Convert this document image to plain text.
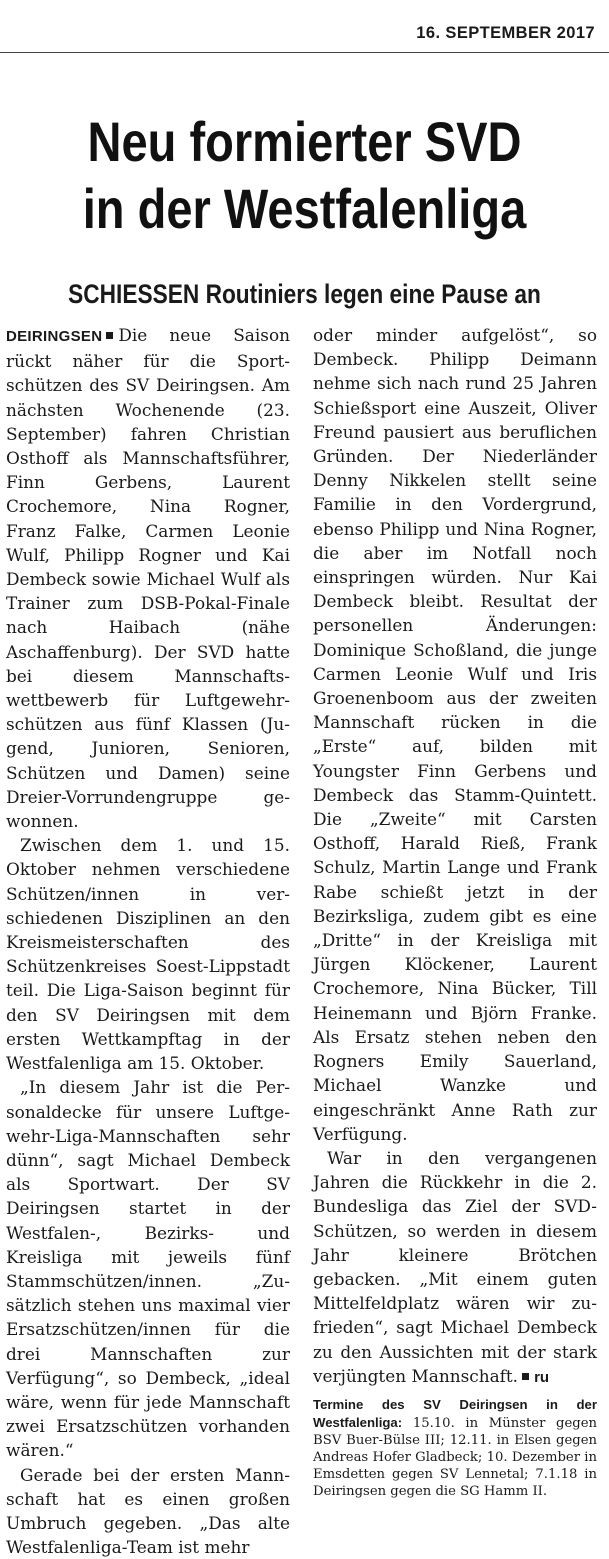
16. SEPTEMBER 2017
Neu formierter SVD
in der Westfalenliga
SCHIESSEN Routiniers legen eine Pause an

DEIRINGSEN Die neue Saison rückt näher für die Sportschützen des SV Deiringsen. Am nächsten Wochenende (23. September) fahren Christian Osthoff als Mannschaftsführer, Finn Gerbens, Laurent Crochemore, Nina Rogner, Franz Falke, Carmen Leonie Wulf, Philipp Rogner und Kai Dembeck sowie Michael Wulf als Trainer zum DSB-Pokal-Finale nach Haibach (nähe Aschaffenburg). Der SVD hatte bei diesem Mannschaftswettbewerb für Luftgewehrschützen aus fünf Klassen (Jugend, Junioren, Senioren, Schützen und Damen) seine Dreier-Vorrundengruppe gewonnen.

Zwischen dem 1. und 15. Oktober nehmen verschiedene Schützen/innen in verschiedenen Disziplinen an den Kreismeisterschaften des Schützenkreises Soest-Lippstadt teil. Die Liga-Saison beginnt für den SV Deiringsen mit dem ersten Wettkampftag in der Westfalenliga am 15. Oktober.

„In diesem Jahr ist die Personaldecke für unsere Luftgewehr-Liga-Mannschaften sehr dünn“, sagt Michael Dembeck als Sportwart. Der SV Deiringsen startet in der Westfalen-, Bezirks- und Kreisliga mit jeweils fünf Stammschützen/innen. „Zusätzlich stehen uns maximal vier Ersatzschützen/innen für die drei Mannschaften zur Verfügung“, so Dembeck, „ideal wäre, wenn für jede Mannschaft zwei Ersatzschützen vorhanden wären.“

Gerade bei der ersten Mannschaft hat es einen großen Umbruch gegeben. „Das alte Westfalenliga-Team ist mehr

oder minder aufgelöst“, so Dembeck. Philipp Deimann nehme sich nach rund 25 Jahren Schießsport eine Auszeit, Oliver Freund pausiert aus beruflichen Gründen. Der Niederländer Denny Nikkelen stellt seine Familie in den Vordergrund, ebenso Philipp und Nina Rogner, die aber im Notfall noch einspringen würden. Nur Kai Dembeck bleibt. Resultat der personellen Änderungen: Dominique Schoßland, die junge Carmen Leonie Wulf und Iris Groenenboom aus der zweiten Mannschaft rücken in die „Erste“ auf, bilden mit Youngster Finn Gerbens und Dembeck das Stamm-Quintett. Die „Zweite“ mit Carsten Osthoff, Harald Rieß, Frank Schulz, Martin Lange und Frank Rabe schießt jetzt in der Bezirksliga, zudem gibt es eine „Dritte“ in der Kreisliga mit Jürgen Klöckener, Laurent Crochemore, Nina Bücker, Till Heinemann und Björn Franke. Als Ersatz stehen neben den Rogners Emily Sauerland, Michael Wanzke und eingeschränkt Anne Rath zur Verfügung.

War in den vergangenen Jahren die Rückkehr in die 2. Bundesliga das Ziel der SVD-Schützen, so werden in diesem Jahr kleinere Brötchen gebacken. „Mit einem guten Mittelfeldplatz wären wir zufrieden“, sagt Michael Dembeck zu den Aussichten mit der stark verjüngten Mannschaft. ru

Termine des SV Deiringsen in der Westfalenliga: 15.10. in Münster gegen BSV Buer-Bülse III; 12.11. in Elsen gegen Andreas Hofer Gladbeck; 10. Dezember in Emsdetten gegen SV Lennetal; 7.1.18 in Deiringsen gegen die SG Hamm II.
